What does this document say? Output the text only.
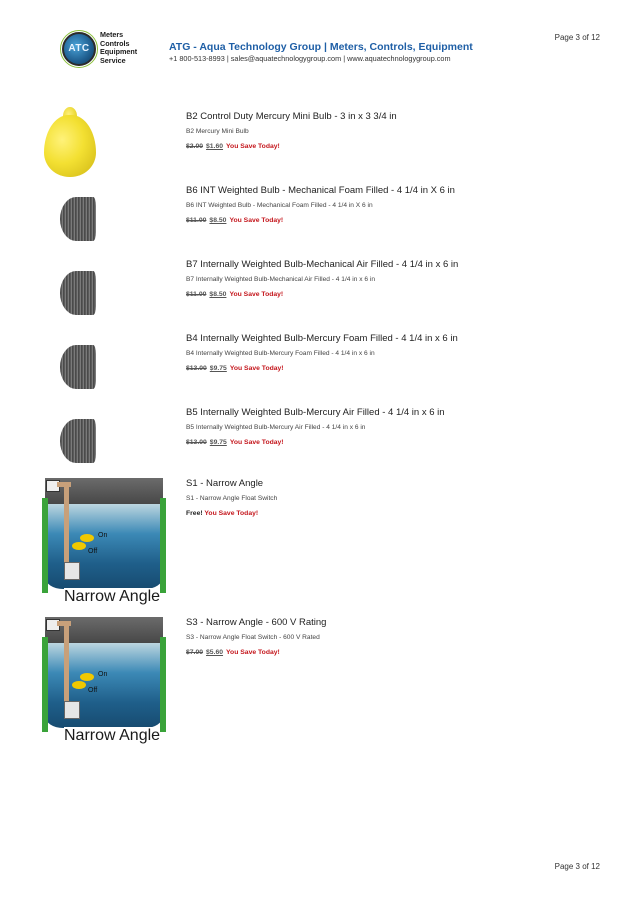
Page 3 of 12
ATC
Meters
Controls
Equipment
Service
ATG - Aqua Technology Group | Meters, Controls, Equipment
+1 800-513-8993 | sales@aquatechnologygroup.com | www.aquatechnologygroup.com
B2 Control Duty Mercury Mini Bulb - 3 in x 3 3/4 in
B2 Mercury Mini Bulb
$2.00 $1.60 You Save Today!
B6 INT Weighted Bulb - Mechanical Foam Filled - 4 1/4 in X 6 in
B6 INT Weighted Bulb - Mechanical Foam Filled - 4 1/4 in X 6 in
$11.00 $8.50 You Save Today!
B7 Internally Weighted Bulb-Mechanical Air Filled - 4 1/4 in x 6 in
B7 Internally Weighted Bulb-Mechanical Air Filled - 4 1/4 in x 6 in
$11.00 $8.50 You Save Today!
B4 Internally Weighted Bulb-Mercury Foam Filled - 4 1/4 in x 6 in
B4 Internally Weighted Bulb-Mercury Foam Filled - 4 1/4 in x 6 in
$13.00 $9.75 You Save Today!
B5 Internally Weighted Bulb-Mercury Air Filled - 4 1/4 in x 6 in
B5 Internally Weighted Bulb-Mercury Air Filled - 4 1/4 in x 6 in
$13.00 $9.75 You Save Today!
On
Off
Narrow Angle
S1 - Narrow Angle
S1 - Narrow Angle Float Switch
Free! You Save Today!
On
Off
Narrow Angle
S3 - Narrow Angle - 600 V Rating
S3 - Narrow Angle Float Switch - 600 V Rated
$7.00 $5.60 You Save Today!
Page 3 of 12
